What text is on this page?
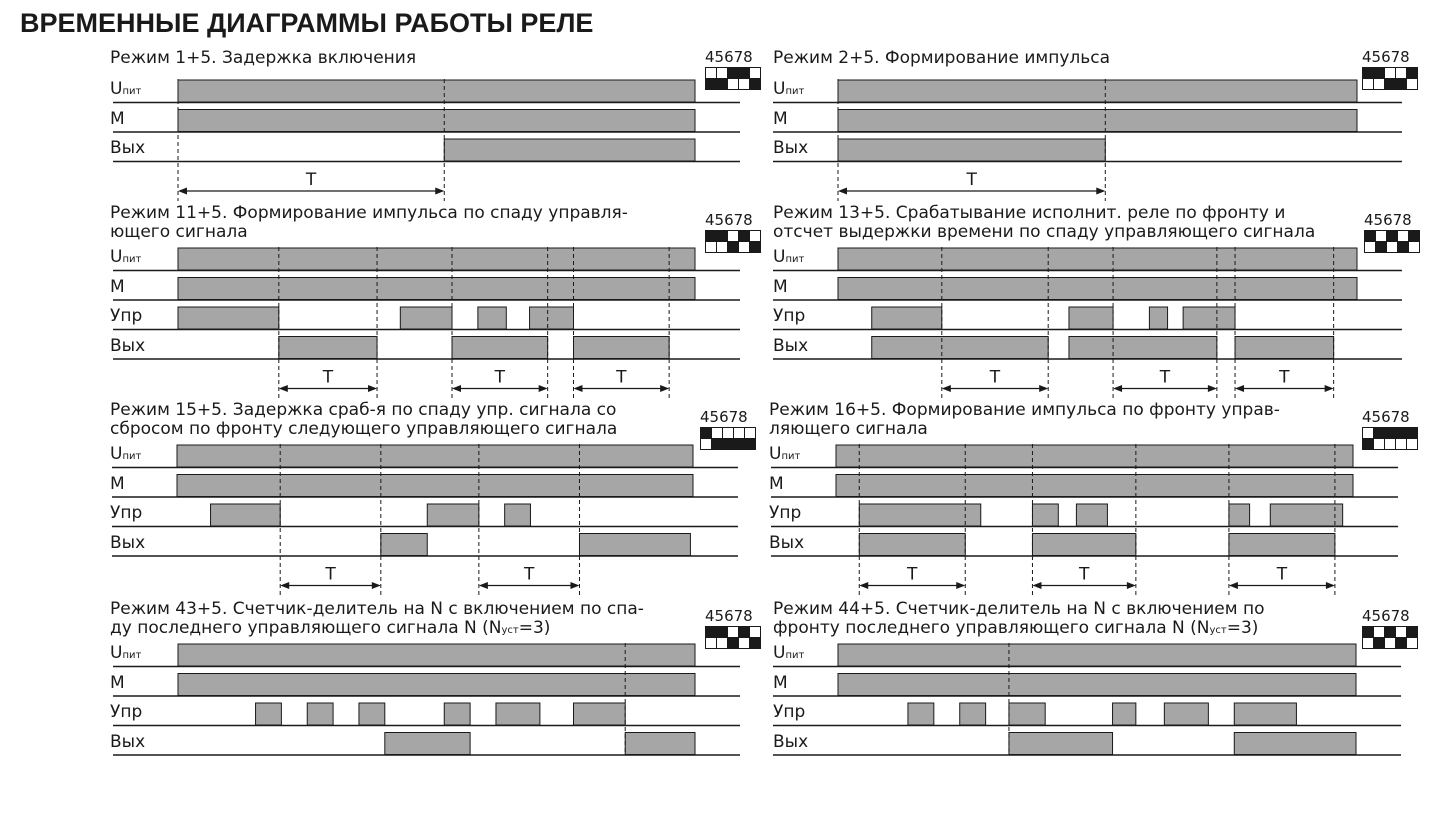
ВРЕМЕННЫЕ ДИАГРАММЫ РАБОТЫ РЕЛЕ
Режим 1+5. Задержка включения	45678
T
Uпит
M
Вых
Режим 2+5. Формирование импульса	45678
T
Uпит
M
Вых
Режим 11+5. Формирование импульса по спаду управля-
ющего сигнала
45678
T	T	T
Uпит
M
Упр
Вых
Режим 13+5. Срабатывание исполнит. реле по фронту и
отсчет выдержки времени по спаду управляющего сигнала
45678
T	T	T
Uпит
M
Упр
Вых
Режим 15+5. Задержка сраб-я по спаду упр. сигнала со
сбросом по фронту следующего управляющего сигнала
45678
T	T
Uпит
M
Упр
Вых
Режим 16+5. Формирование импульса по фронту управ-
ляющего сигнала
45678
T	T	T
Uпит
M
Упр
Вых
Режим 43+5. Счетчик-делитель на N с включением по спа-
ду последнего управляющего сигнала N (Nуст=3)
45678
Uпит
M
Упр
Вых
Режим 44+5. Счетчик-делитель на N с включением по
фронту последнего управляющего сигнала N (Nуст=3)
45678
Uпит
M
Упр
Вых
